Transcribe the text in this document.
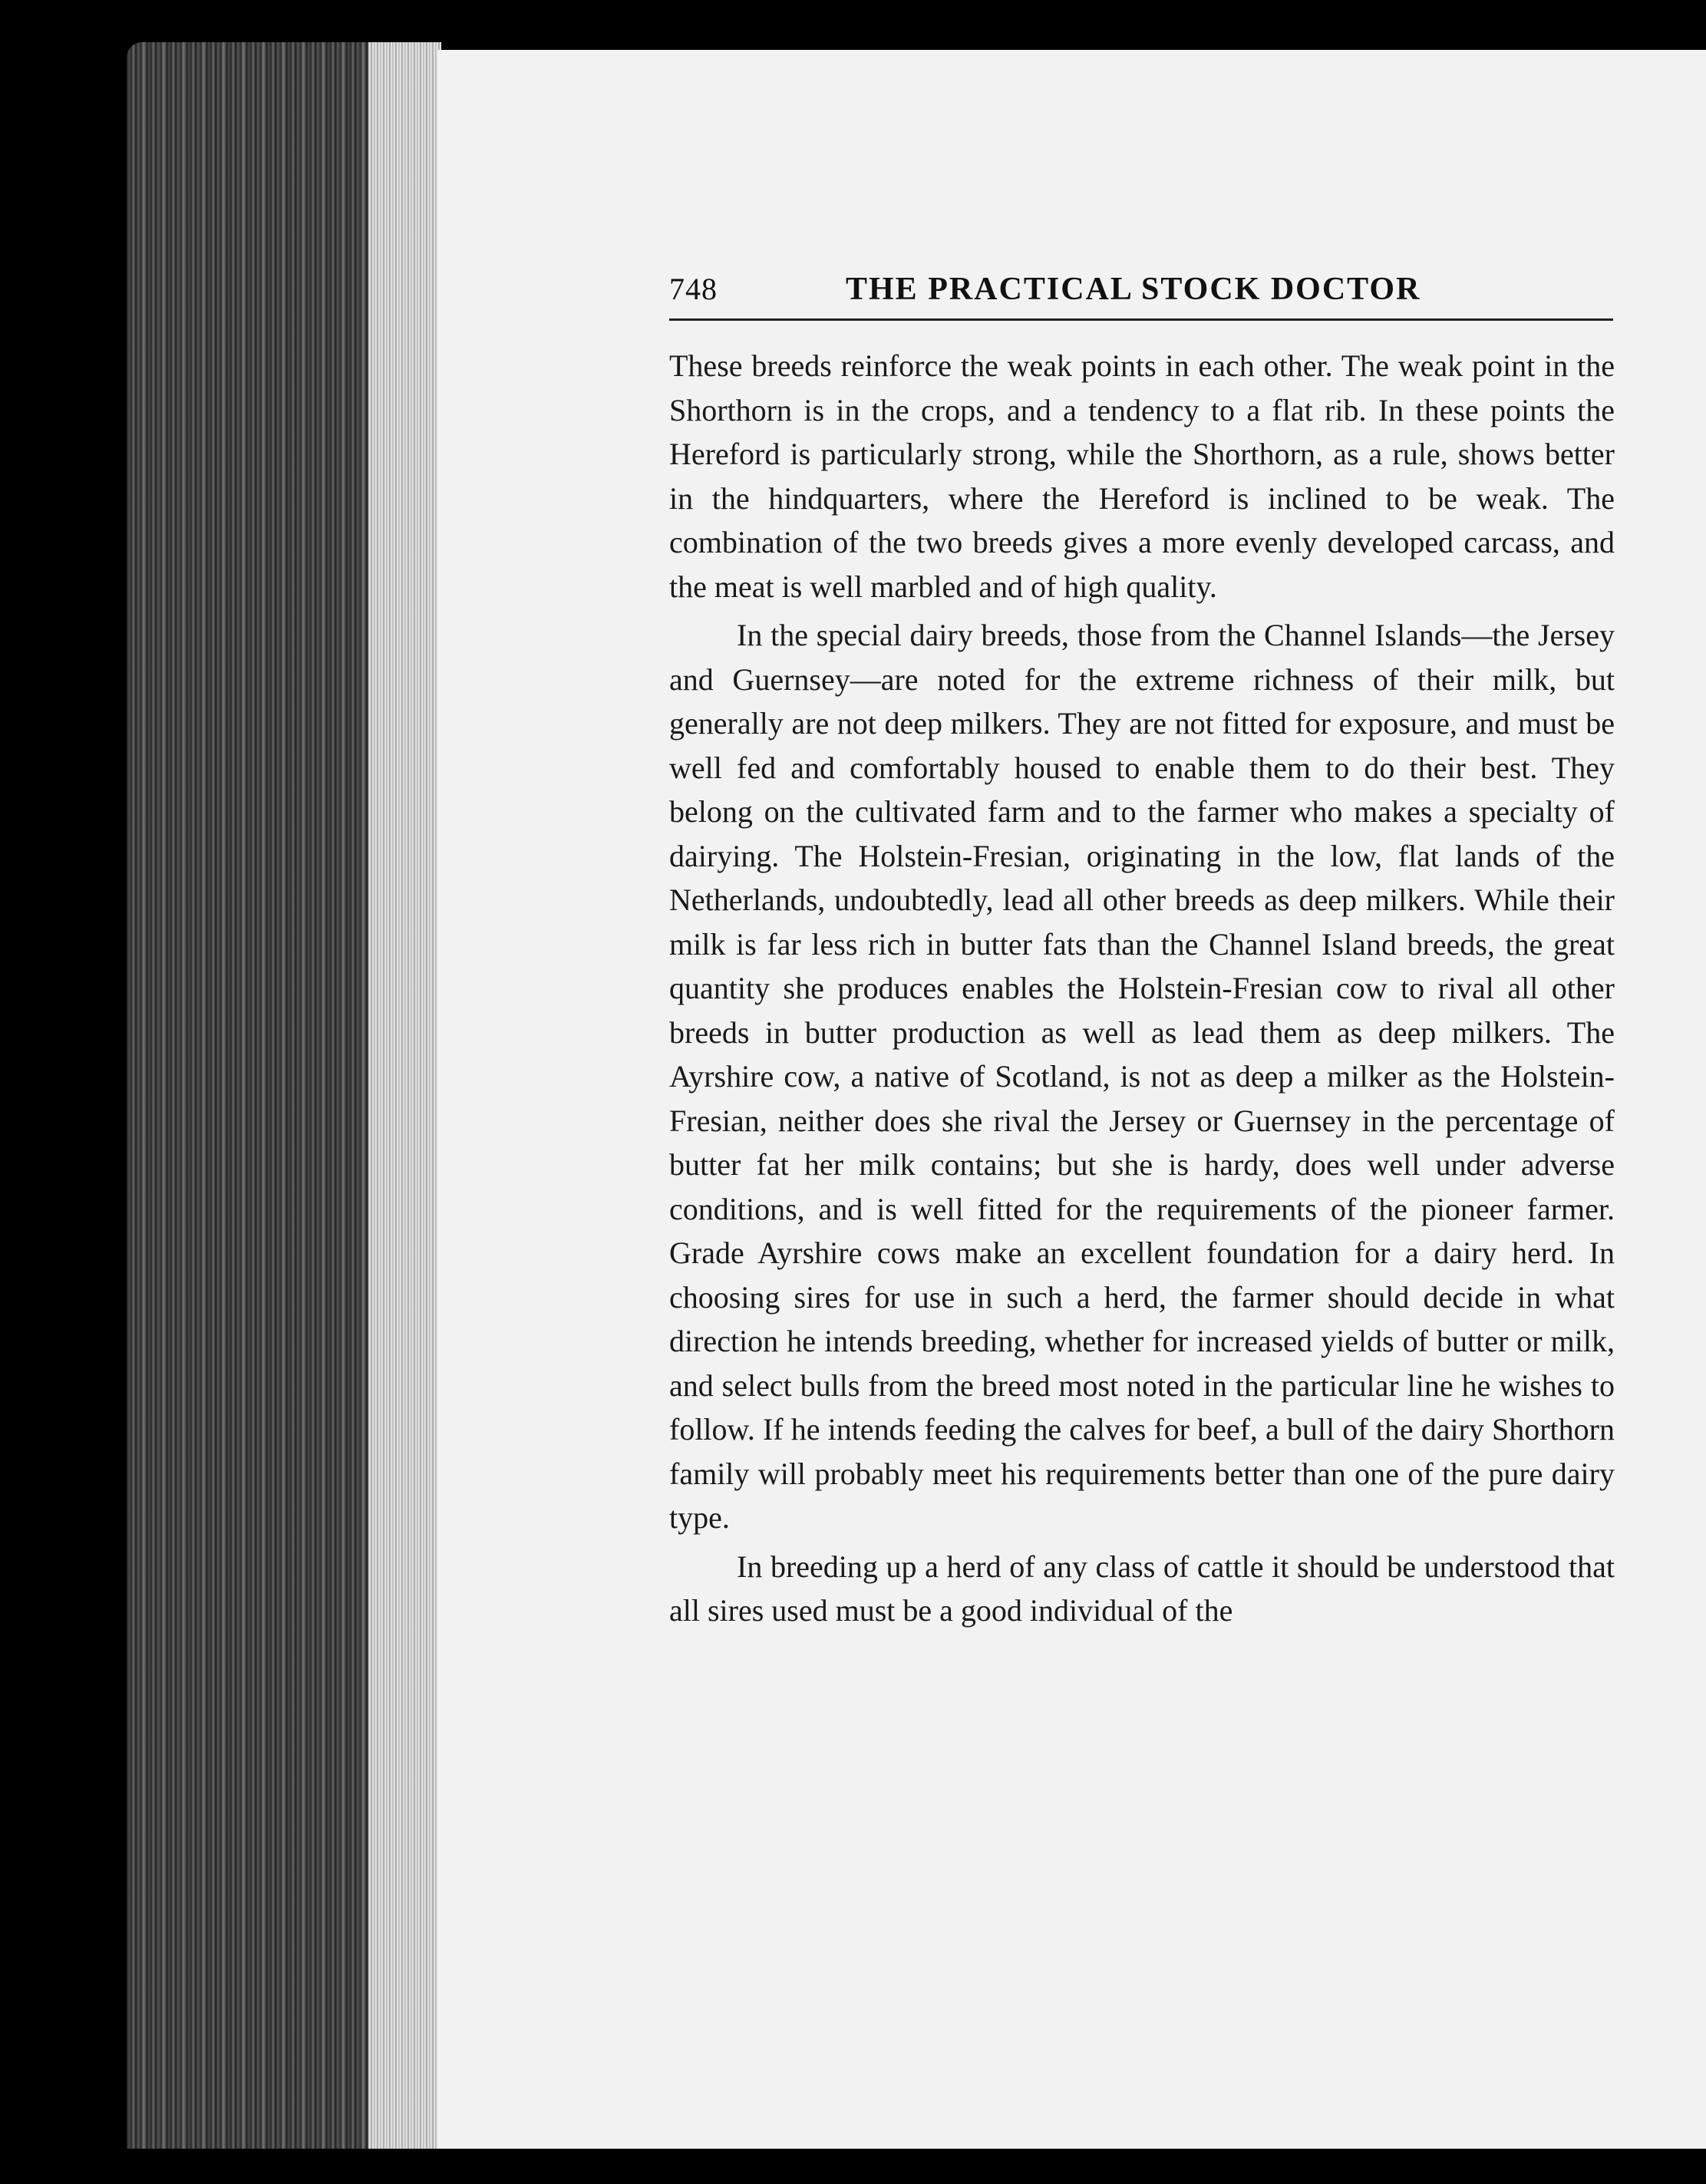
748	THE PRACTICAL STOCK DOCTOR

These breeds reinforce the weak points in each other. The weak point in the Shorthorn is in the crops, and a tendency to a flat rib. In these points the Hereford is particularly strong, while the Shorthorn, as a rule, shows better in the hindquarters, where the Hereford is inclined to be weak. The combination of the two breeds gives a more evenly developed carcass, and the meat is well marbled and of high quality.

In the special dairy breeds, those from the Channel Islands—the Jersey and Guernsey—are noted for the extreme richness of their milk, but generally are not deep milkers. They are not fitted for exposure, and must be well fed and comfortably housed to enable them to do their best. They belong on the cultivated farm and to the farmer who makes a specialty of dairying. The Holstein-Fresian, originating in the low, flat lands of the Netherlands, undoubtedly, lead all other breeds as deep milkers. While their milk is far less rich in butter fats than the Channel Island breeds, the great quantity she produces enables the Holstein-Fresian cow to rival all other breeds in butter production as well as lead them as deep milkers. The Ayrshire cow, a native of Scotland, is not as deep a milker as the Holstein-Fresian, neither does she rival the Jersey or Guernsey in the percentage of butter fat her milk contains; but she is hardy, does well under adverse conditions, and is well fitted for the requirements of the pioneer farmer. Grade Ayrshire cows make an excellent foundation for a dairy herd. In choosing sires for use in such a herd, the farmer should decide in what direction he intends breeding, whether for increased yields of butter or milk, and select bulls from the breed most noted in the particular line he wishes to follow. If he intends feeding the calves for beef, a bull of the dairy Shorthorn family will probably meet his requirements better than one of the pure dairy type.

In breeding up a herd of any class of cattle it should be understood that all sires used must be a good individual of the
